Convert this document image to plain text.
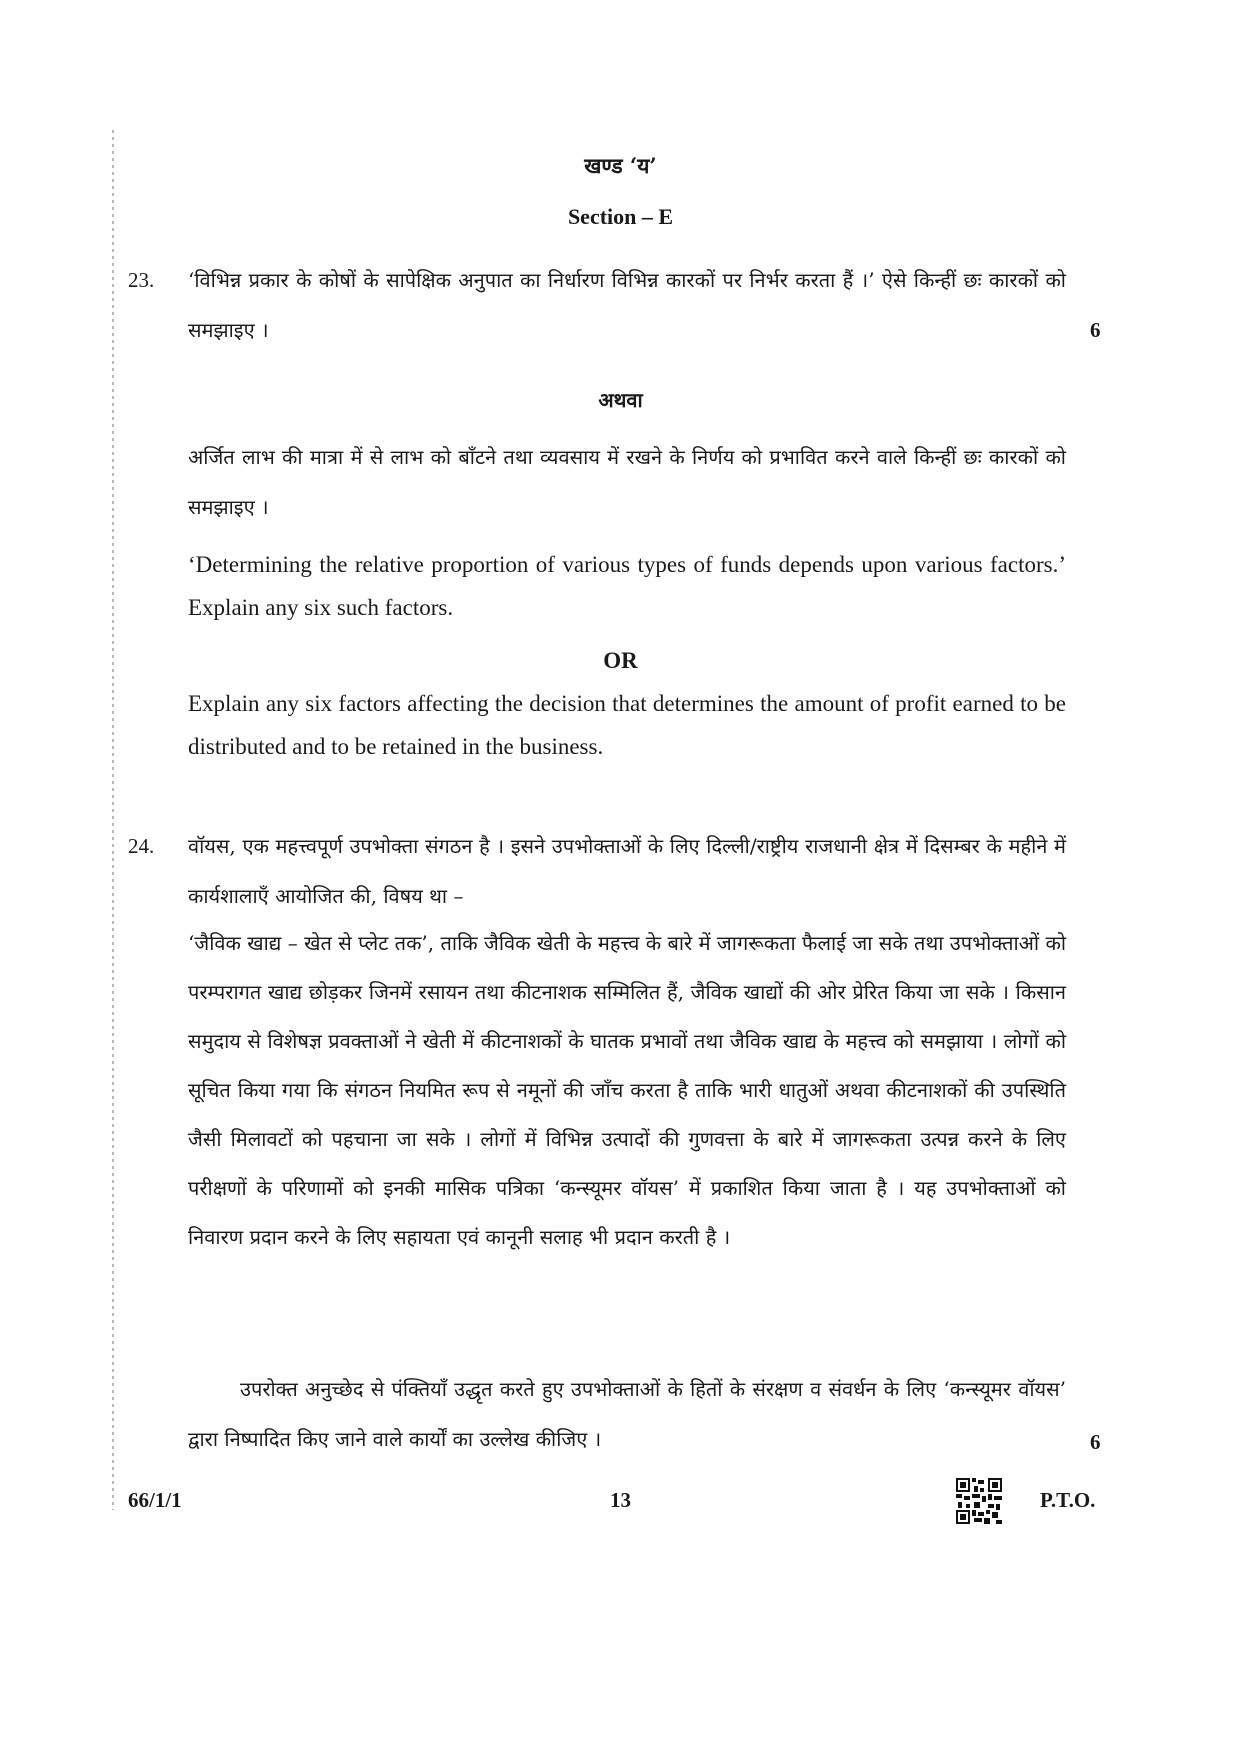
खण्ड ‘य’
Section – E
23. ‘विभिन्न प्रकार के कोषों के सापेक्षिक अनुपात का निर्धारण विभिन्न कारकों पर निर्भर करता हैं ।’ ऐसे किन्हीं छः कारकों को समझाइए ।	6
अथवा
अर्जित लाभ की मात्रा में से लाभ को बाँटने तथा व्यवसाय में रखने के निर्णय को प्रभावित करने वाले किन्हीं छः कारकों को समझाइए ।
‘Determining the relative proportion of various types of funds depends upon various factors.’ Explain any six such factors.
OR
Explain any six factors affecting the decision that determines the amount of profit earned to be distributed and to be retained in the business.
24. वॉयस, एक महत्त्वपूर्ण उपभोक्ता संगठन है । इसने उपभोक्ताओं के लिए दिल्ली/राष्ट्रीय राजधानी क्षेत्र में दिसम्बर के महीने में कार्यशालाएँ आयोजित की, विषय था –
‘जैविक खाद्य – खेत से प्लेट तक’, ताकि जैविक खेती के महत्त्व के बारे में जागरूकता फैलाई जा सके तथा उपभोक्ताओं को परम्परागत खाद्य छोड़कर जिनमें रसायन तथा कीटनाशक सम्मिलित हैं, जैविक खाद्यों की ओर प्रेरित किया जा सके । किसान समुदाय से विशेषज्ञ प्रवक्ताओं ने खेती में कीटनाशकों के घातक प्रभावों तथा जैविक खाद्य के महत्त्व को समझाया । लोगों को सूचित किया गया कि संगठन नियमित रूप से नमूनों की जाँच करता है ताकि भारी धातुओं अथवा कीटनाशकों की उपस्थिति जैसी मिलावटों को पहचाना जा सके । लोगों में विभिन्न उत्पादों की गुणवत्ता के बारे में जागरूकता उत्पन्न करने के लिए परीक्षणों के परिणामों को इनकी मासिक पत्रिका ‘कन्स्यूमर वॉयस’ में प्रकाशित किया जाता है । यह उपभोक्ताओं को निवारण प्रदान करने के लिए सहायता एवं कानूनी सलाह भी प्रदान करती है ।
उपरोक्त अनुच्छेद से पंक्तियाँ उद्धृत करते हुए उपभोक्ताओं के हितों के संरक्षण व संवर्धन के लिए ‘कन्स्यूमर वॉयस’ द्वारा निष्पादित किए जाने वाले कार्यों का उल्लेख कीजिए ।	6
66/1/1	13	P.T.O.
